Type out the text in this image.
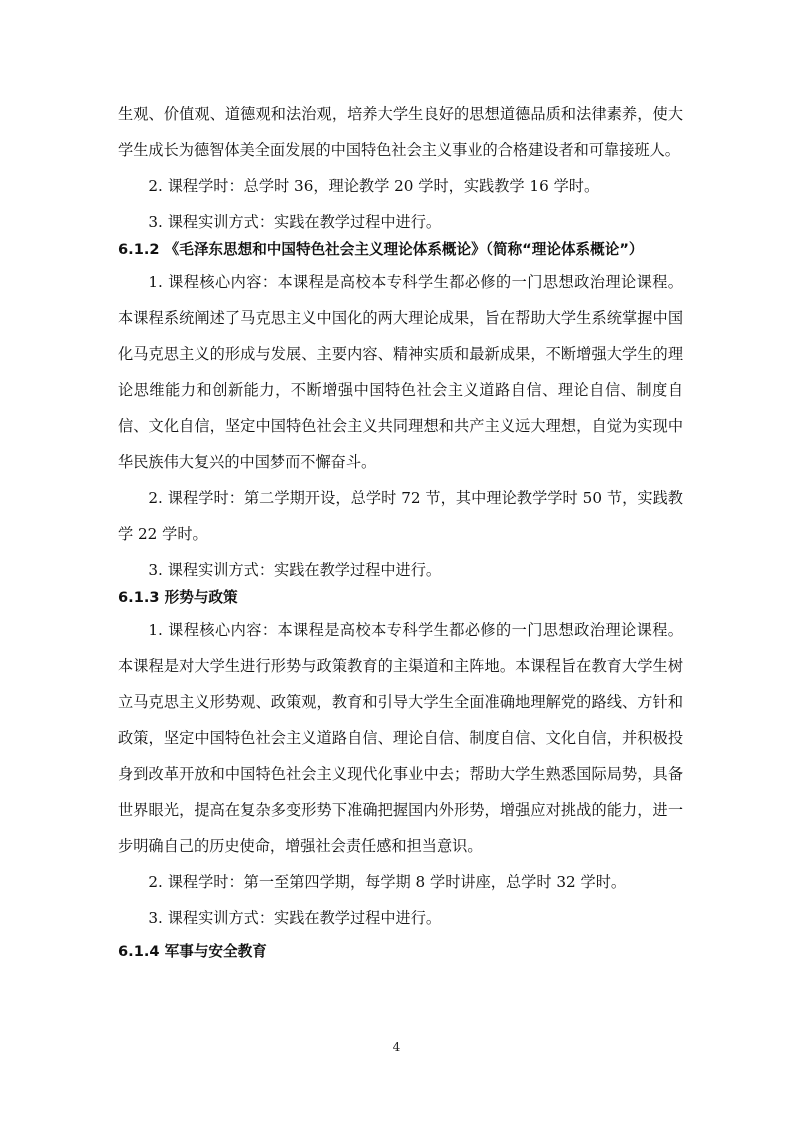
生观、价值观、道德观和法治观，培养大学生良好的思想道德品质和法律素养，使大学生成长为德智体美全面发展的中国特色社会主义事业的合格建设者和可靠接班人。

2. 课程学时：总学时 36，理论教学 20 学时，实践教学 16 学时。

3. 课程实训方式：实践在教学过程中进行。

6.1.2 《毛泽东思想和中国特色社会主义理论体系概论》（简称“理论体系概论”）

1. 课程核心内容：本课程是高校本专科学生都必修的一门思想政治理论课程。本课程系统阐述了马克思主义中国化的两大理论成果，旨在帮助大学生系统掌握中国化马克思主义的形成与发展、主要内容、精神实质和最新成果，不断增强大学生的理论思维能力和创新能力，不断增强中国特色社会主义道路自信、理论自信、制度自信、文化自信，坚定中国特色社会主义共同理想和共产主义远大理想，自觉为实现中华民族伟大复兴的中国梦而不懈奋斗。

2. 课程学时：第二学期开设，总学时 72 节，其中理论教学学时 50 节，实践教学 22 学时。

3. 课程实训方式：实践在教学过程中进行。

6.1.3 形势与政策

1. 课程核心内容：本课程是高校本专科学生都必修的一门思想政治理论课程。本课程是对大学生进行形势与政策教育的主渠道和主阵地。本课程旨在教育大学生树立马克思主义形势观、政策观，教育和引导大学生全面准确地理解党的路线、方针和政策，坚定中国特色社会主义道路自信、理论自信、制度自信、文化自信，并积极投身到改革开放和中国特色社会主义现代化事业中去；帮助大学生熟悉国际局势，具备世界眼光，提高在复杂多变形势下准确把握国内外形势，增强应对挑战的能力，进一步明确自己的历史使命，增强社会责任感和担当意识。

2. 课程学时：第一至第四学期，每学期 8 学时讲座，总学时 32 学时。

3. 课程实训方式：实践在教学过程中进行。

6.1.4 军事与安全教育

4
